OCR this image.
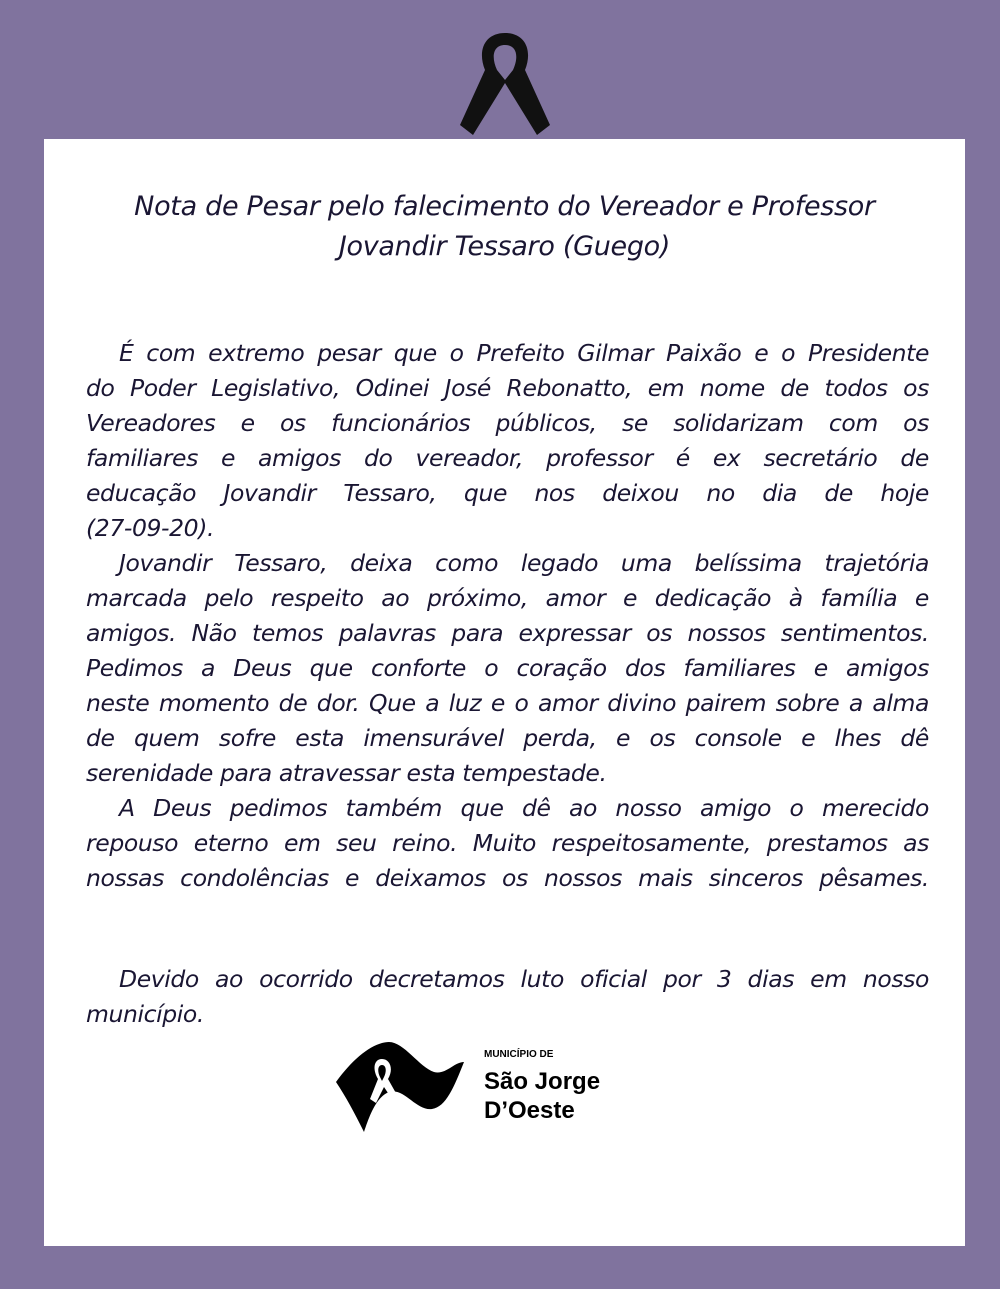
Nota de Pesar pelo falecimento do Vereador e Professor
Jovandir Tessaro (Guego)
É com extremo pesar que o Prefeito Gilmar Paixão e o Presidente
do Poder Legislativo, Odinei José Rebonatto, em nome de todos os
Vereadores e os funcionários públicos, se solidarizam com os
familiares e amigos do vereador, professor é ex secretário de
educação Jovandir Tessaro, que nos deixou no dia de hoje
(27-09-20).
Jovandir Tessaro, deixa como legado uma belíssima trajetória
marcada pelo respeito ao próximo, amor e dedicação à família e
amigos. Não temos palavras para expressar os nossos sentimentos.
Pedimos a Deus que conforte o coração dos familiares e amigos
neste momento de dor. Que a luz e o amor divino pairem sobre a alma
de quem sofre esta imensurável perda, e os console e lhes dê
serenidade para atravessar esta tempestade.
A Deus pedimos também que dê ao nosso amigo o merecido
repouso eterno em seu reino. Muito respeitosamente, prestamos as
nossas condolências e deixamos os nossos mais sinceros pêsames.
Devido ao ocorrido decretamos luto oficial por 3 dias em nosso
município.
MUNICÍPIO DE
São Jorge
D’Oeste
